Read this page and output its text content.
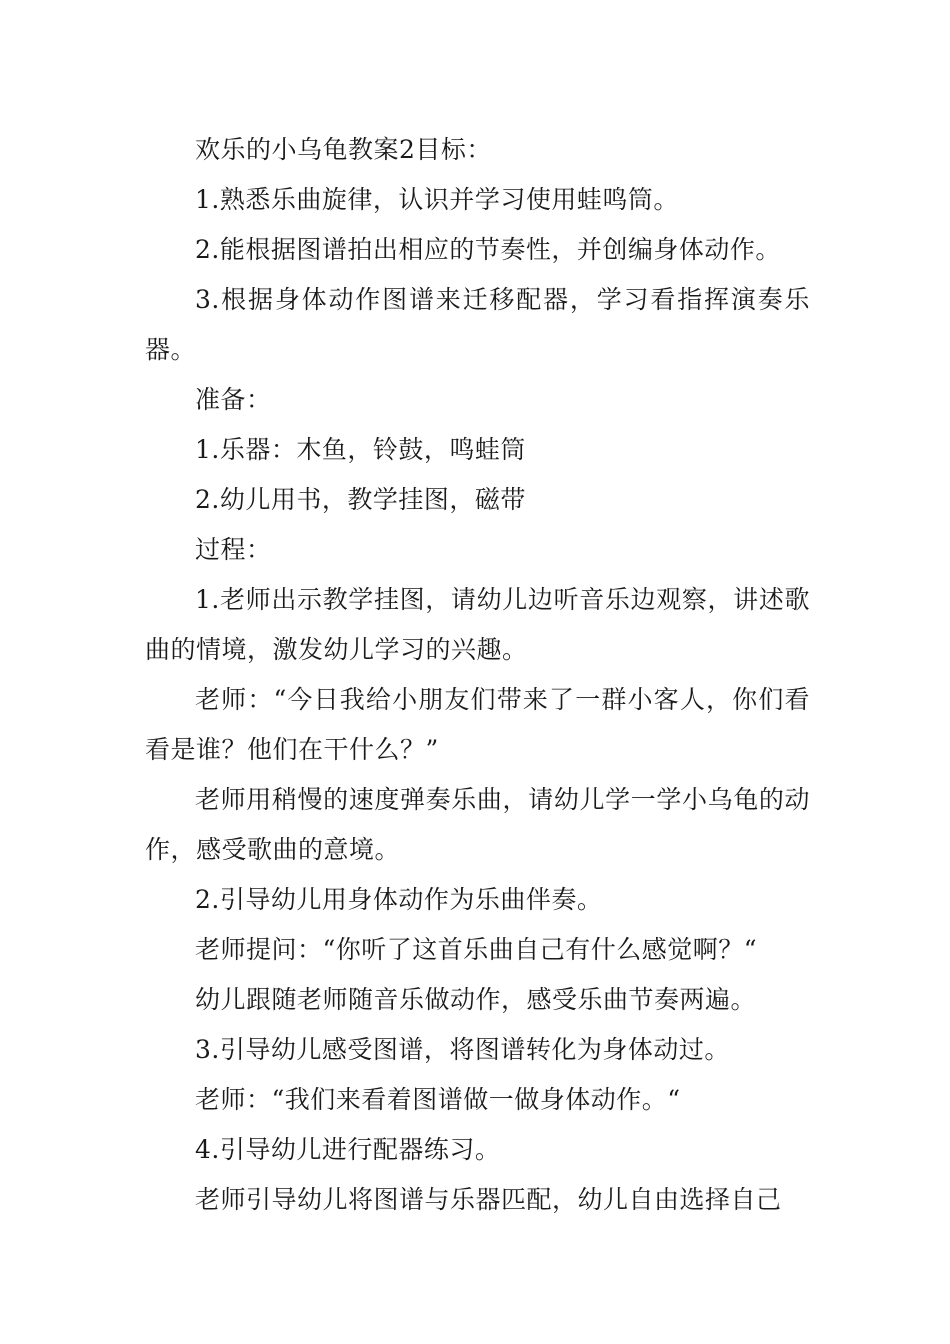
欢乐的小乌龟教案2目标：

1.熟悉乐曲旋律，认识并学习使用蛙鸣筒。

2.能根据图谱拍出相应的节奏性，并创编身体动作。

3.根据身体动作图谱来迁移配器，学习看指挥演奏乐器。

准备：

1.乐器：木鱼，铃鼓，鸣蛙筒

2.幼儿用书，教学挂图，磁带

过程：

1.老师出示教学挂图，请幼儿边听音乐边观察，讲述歌曲的情境，激发幼儿学习的兴趣。

老师：“今日我给小朋友们带来了一群小客人，你们看看是谁？他们在干什么？”

老师用稍慢的速度弹奏乐曲，请幼儿学一学小乌龟的动作，感受歌曲的意境。

2.引导幼儿用身体动作为乐曲伴奏。

老师提问：“你听了这首乐曲自己有什么感觉啊？“

幼儿跟随老师随音乐做动作，感受乐曲节奏两遍。

3.引导幼儿感受图谱，将图谱转化为身体动过。

老师：“我们来看着图谱做一做身体动作。“

4.引导幼儿进行配器练习。

老师引导幼儿将图谱与乐器匹配，幼儿自由选择自己
